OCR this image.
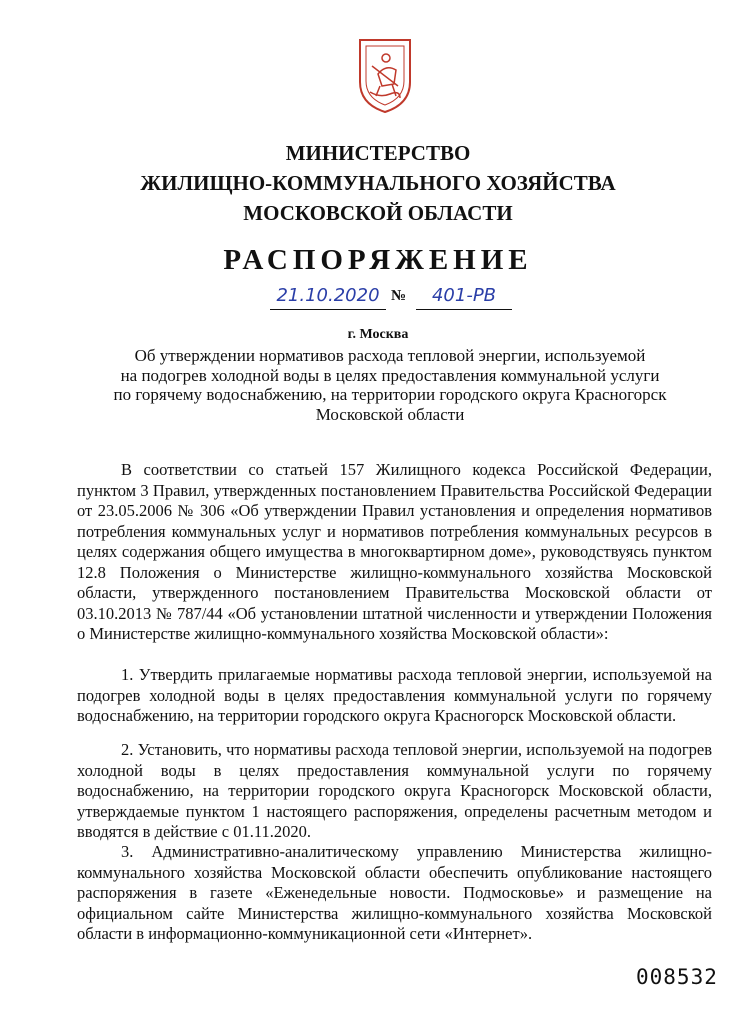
МИНИСТЕРСТВО
ЖИЛИЩНО-КОММУНАЛЬНОГО ХОЗЯЙСТВА
МОСКОВСКОЙ ОБЛАСТИ
РАСПОРЯЖЕНИЕ
21.10.2020 №	401-РВ
г. Москва
Об утверждении нормативов расхода тепловой энергии, используемой
на подогрев холодной воды в целях предоставления коммунальной услуги
по горячему водоснабжению, на территории городского округа Красногорск
Московской области

В соответствии со статьей 157 Жилищного кодекса Российской Федерации, пунктом 3 Правил, утвержденных постановлением Правительства Российской Федерации от 23.05.2006 № 306 «Об утверждении Правил установления и определения нормативов потребления коммунальных услуг и нормативов потребления коммунальных ресурсов в целях содержания общего имущества в многоквартирном доме», руководствуясь пунктом 12.8 Положения о Министерстве жилищно-коммунального хозяйства Московской области, утвержденного постановлением Правительства Московской области от 03.10.2013 № 787/44 «Об установлении штатной численности и утверждении Положения о Министерстве жилищно-коммунального хозяйства Московской области»:

1. Утвердить прилагаемые нормативы расхода тепловой энергии, используемой на подогрев холодной воды в целях предоставления коммунальной услуги по горячему водоснабжению, на территории городского округа Красногорск Московской области.

2. Установить, что нормативы расхода тепловой энергии, используемой на подогрев холодной воды в целях предоставления коммунальной услуги по горячему водоснабжению, на территории городского округа Красногорск Московской области, утверждаемые пунктом 1 настоящего распоряжения, определены расчетным методом и вводятся в действие с 01.11.2020.

3. Административно-аналитическому управлению Министерства жилищно-коммунального хозяйства Московской области обеспечить опубликование настоящего распоряжения в газете «Еженедельные новости. Подмосковье» и размещение на официальном сайте Министерства жилищно-коммунального хозяйства Московской области в информационно-коммуникационной сети «Интернет».

008532
